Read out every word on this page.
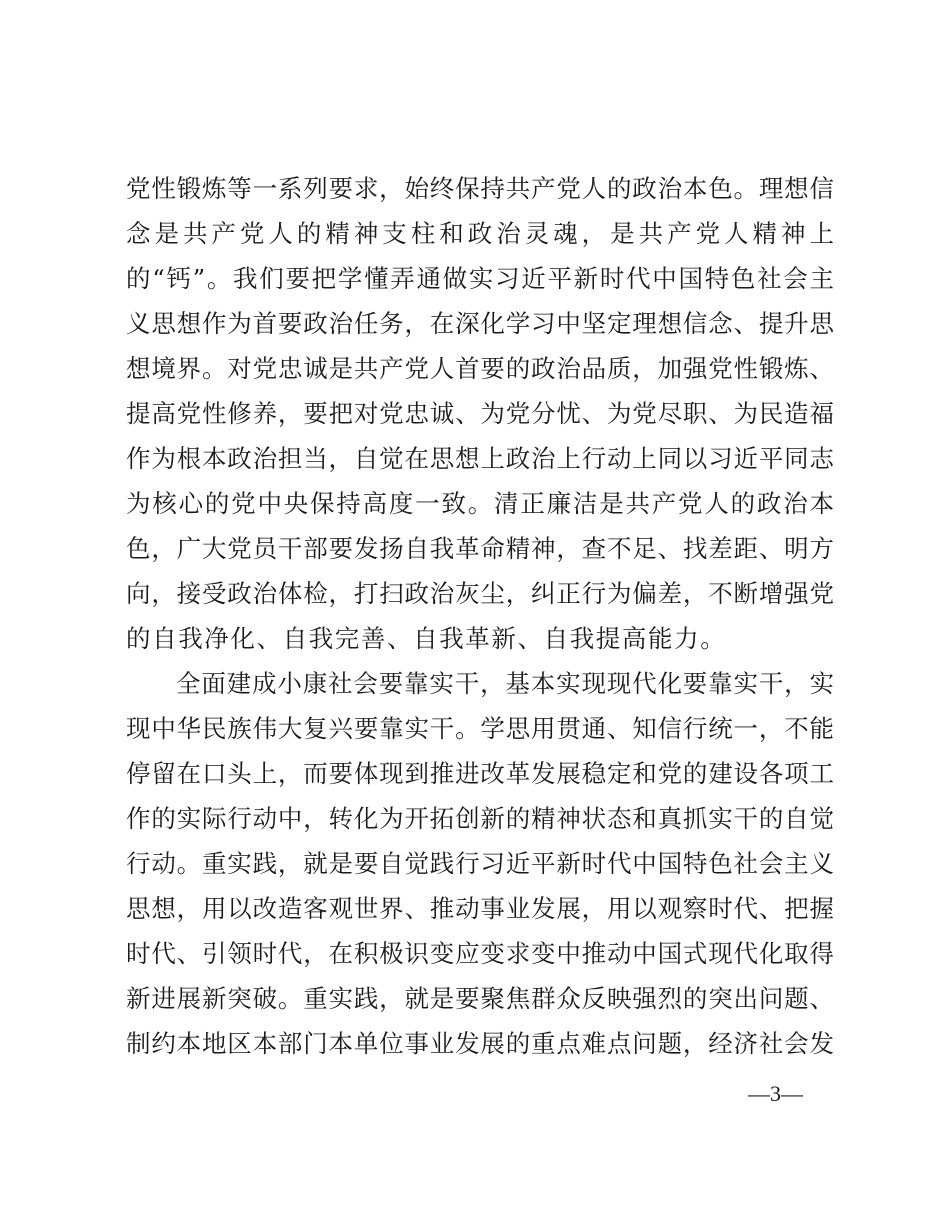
党性锻炼等一系列要求，始终保持共产党人的政治本色。理想信
念是共产党人的精神支柱和政治灵魂，是共产党人精神上
的“钙”。我们要把学懂弄通做实习近平新时代中国特色社会主
义思想作为首要政治任务，在深化学习中坚定理想信念、提升思
想境界。对党忠诚是共产党人首要的政治品质，加强党性锻炼、
提高党性修养，要把对党忠诚、为党分忧、为党尽职、为民造福
作为根本政治担当，自觉在思想上政治上行动上同以习近平同志
为核心的党中央保持高度一致。清正廉洁是共产党人的政治本
色，广大党员干部要发扬自我革命精神，查不足、找差距、明方
向，接受政治体检，打扫政治灰尘，纠正行为偏差，不断增强党
的自我净化、自我完善、自我革新、自我提高能力。
全面建成小康社会要靠实干，基本实现现代化要靠实干，实
现中华民族伟大复兴要靠实干。学思用贯通、知信行统一，不能
停留在口头上，而要体现到推进改革发展稳定和党的建设各项工
作的实际行动中，转化为开拓创新的精神状态和真抓实干的自觉
行动。重实践，就是要自觉践行习近平新时代中国特色社会主义
思想，用以改造客观世界、推动事业发展，用以观察时代、把握
时代、引领时代，在积极识变应变求变中推动中国式现代化取得
新进展新突破。重实践，就是要聚焦群众反映强烈的突出问题、
制约本地区本部门本单位事业发展的重点难点问题，经济社会发
—3—
